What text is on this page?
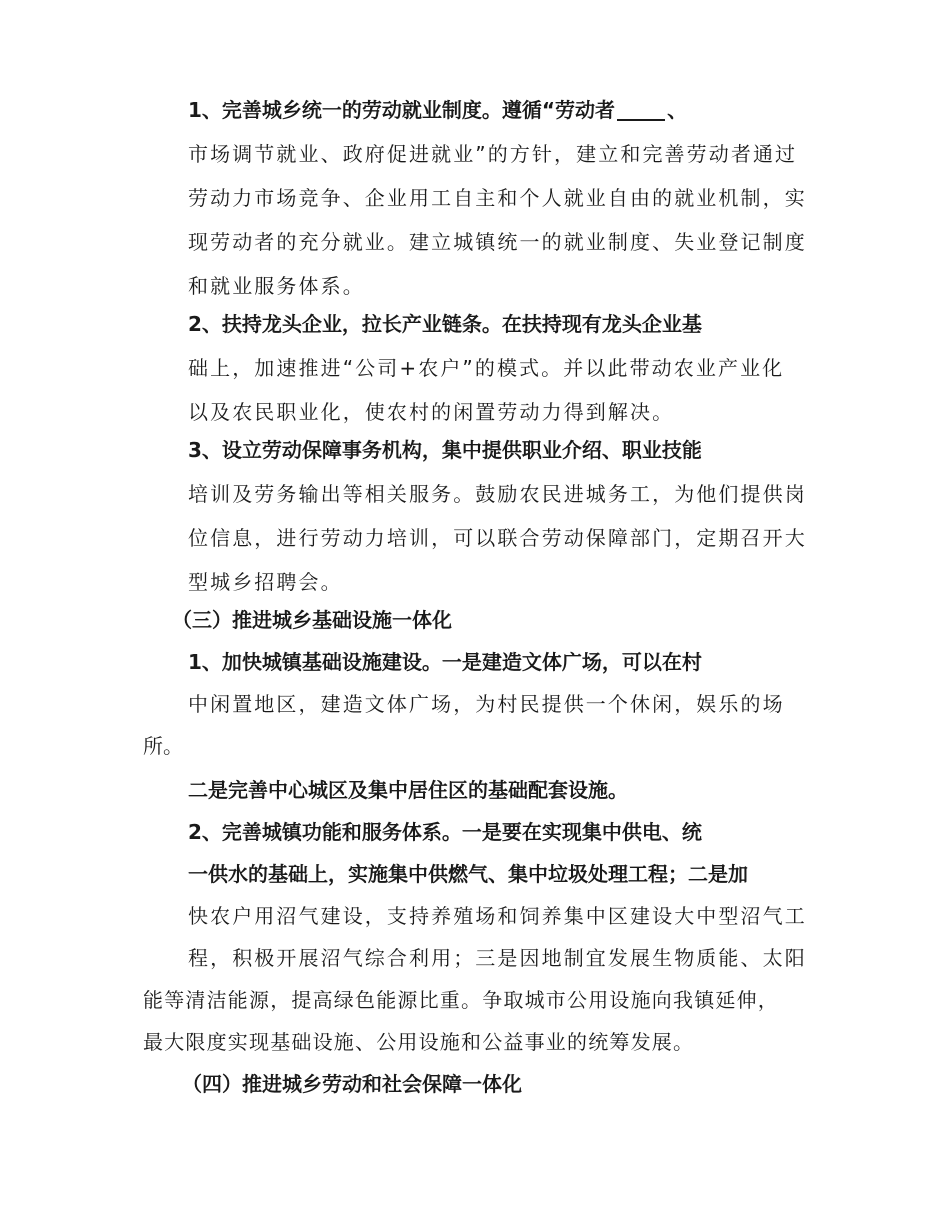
1、完善城乡统一的劳动就业制度。遵循“劳动者	、
市场调节就业、政府促进就业”的方针，建立和完善劳动者通过
劳动力市场竞争、企业用工自主和个人就业自由的就业机制，实
现劳动者的充分就业。建立城镇统一的就业制度、失业登记制度
和就业服务体系。
2、扶持龙头企业，拉长产业链条。在扶持现有龙头企业基
础上，加速推进“公司+农户”的模式。并以此带动农业产业化
以及农民职业化，使农村的闲置劳动力得到解决。
3、设立劳动保障事务机构，集中提供职业介绍、职业技能
培训及劳务输出等相关服务。鼓励农民进城务工，为他们提供岗
位信息，进行劳动力培训，可以联合劳动保障部门，定期召开大
型城乡招聘会。
（三）推进城乡基础设施一体化
1、加快城镇基础设施建设。一是建造文体广场，可以在村
中闲置地区，建造文体广场，为村民提供一个休闲，娱乐的场
所。
二是完善中心城区及集中居住区的基础配套设施。
2、完善城镇功能和服务体系。一是要在实现集中供电、统
一供水的基础上，实施集中供燃气、集中垃圾处理工程；二是加
快农户用沼气建设，支持养殖场和饲养集中区建设大中型沼气工
程，积极开展沼气综合利用；三是因地制宜发展生物质能、太阳
能等清洁能源，提高绿色能源比重。争取城市公用设施向我镇延伸，
最大限度实现基础设施、公用设施和公益事业的统筹发展。
（四）推进城乡劳动和社会保障一体化
